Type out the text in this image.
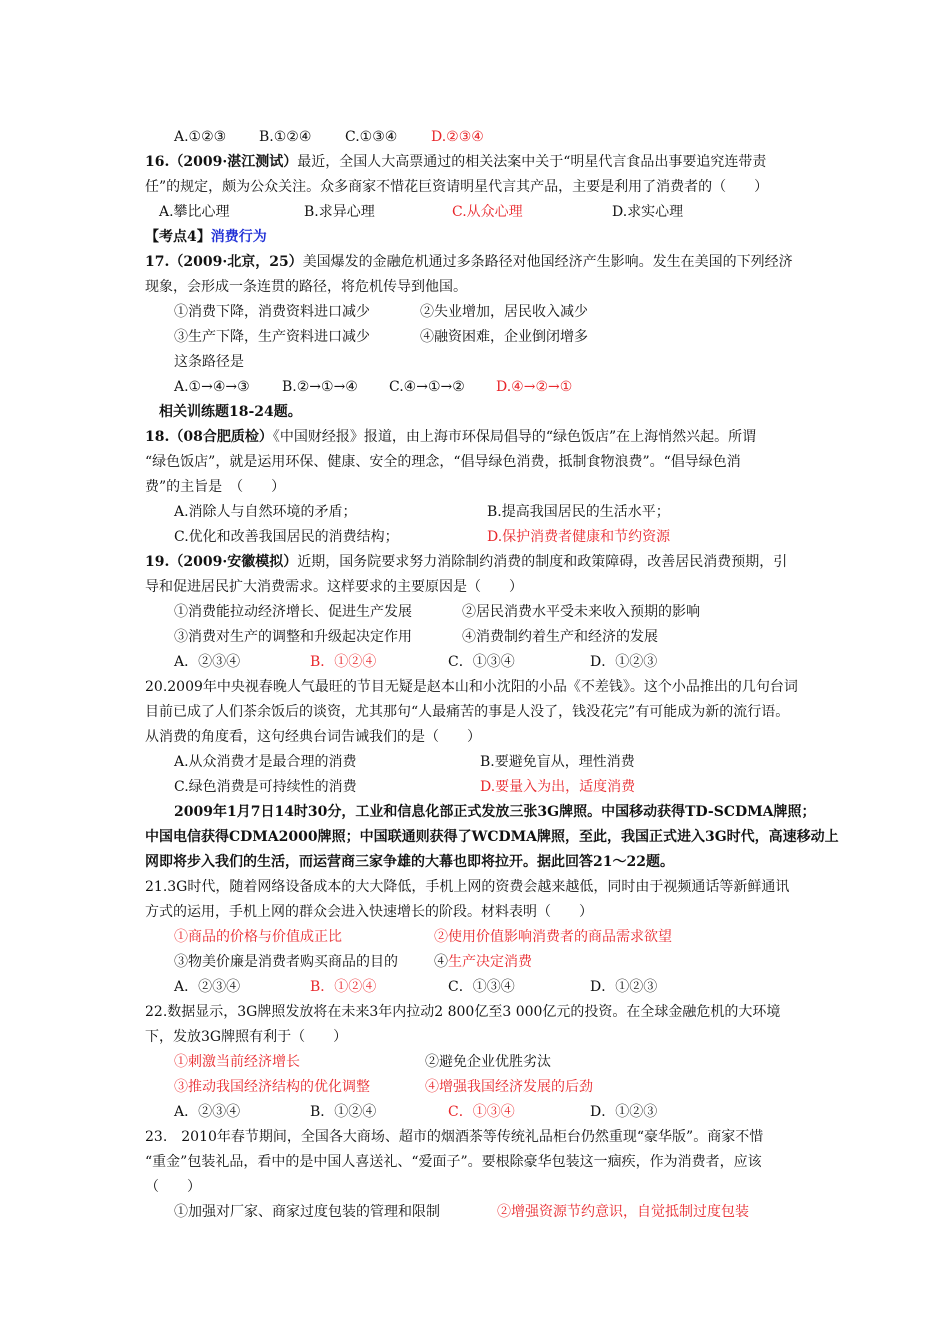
A.①②③ B.①②④ C.①③④ D.②③④
16.（2009·湛江测试）最近，全国人大高票通过的相关法案中关于“明星代言食品出事要追究连带责
任”的规定，颇为公众关注。众多商家不惜花巨资请明星代言其产品，主要是利用了消费者的（　　）
A.攀比心理	B.求异心理	C.从众心理	D.求实心理
【考点4】消费行为
17.（2009·北京，25）美国爆发的金融危机通过多条路径对他国经济产生影响。发生在美国的下列经济
现象，会形成一条连贯的路径，将危机传导到他国。
①消费下降，消费资料进口减少	②失业增加，居民收入减少
③生产下降，生产资料进口减少	④融资困难，企业倒闭增多
这条路径是
A.①→④→③ B.②→①→④ C.④→①→② D.④→②→①
相关训练题18-24题。
18.（08合肥质检）《中国财经报》报道，由上海市环保局倡导的“绿色饭店”在上海悄然兴起。所谓
“绿色饭店”，就是运用环保、健康、安全的理念，“倡导绿色消费，抵制食物浪费”。“倡导绿色消
费”的主旨是　（　　）
A.消除人与自然环境的矛盾；	B.提高我国居民的生活水平；
C.优化和改善我国居民的消费结构；	D.保护消费者健康和节约资源
19.（2009·安徽模拟）近期，国务院要求努力消除制约消费的制度和政策障碍，改善居民消费预期，引
导和促进居民扩大消费需求。这样要求的主要原因是（　　）
①消费能拉动经济增长、促进生产发展	②居民消费水平受未来收入预期的影响
③消费对生产的调整和升级起决定作用	④消费制约着生产和经济的发展
A．②③④	B．①②④	C．①③④	D．①②③
20.2009年中央视春晚人气最旺的节目无疑是赵本山和小沈阳的小品《不差钱》。这个小品推出的几句台词
目前已成了人们茶余饭后的谈资，尤其那句“人最痛苦的事是人没了，钱没花完”有可能成为新的流行语。
从消费的角度看，这句经典台词告诫我们的是（　　）
A.从众消费才是最合理的消费	B.要避免盲从，理性消费
C.绿色消费是可持续性的消费	D.要量入为出，适度消费
2009年1月7日14时30分，工业和信息化部正式发放三张3G牌照。中国移动获得TD-SCDMA牌照；
中国电信获得CDMA2000牌照；中国联通则获得了WCDMA牌照，至此，我国正式进入3G时代，高速移动上
网即将步入我们的生活，而运营商三家争雄的大幕也即将拉开。据此回答21～22题。
21.3G时代，随着网络设备成本的大大降低，手机上网的资费会越来越低，同时由于视频通话等新鲜通讯
方式的运用，手机上网的群众会进入快速增长的阶段。材料表明（　　）
①商品的价格与价值成正比	②使用价值影响消费者的商品需求欲望
③物美价廉是消费者购买商品的目的	④生产决定消费
A．②③④	B．①②④	C．①③④	D．①②③
22.数据显示，3G牌照发放将在未来3年内拉动2 800亿至3 000亿元的投资。在全球金融危机的大环境
下，发放3G牌照有利于（　　）
①刺激当前经济增长	②避免企业优胜劣汰
③推动我国经济结构的优化调整	④增强我国经济发展的后劲
A．②③④	B．①②④	C．①③④	D．①②③
23.　2010年春节期间，全国各大商场、超市的烟酒茶等传统礼品柜台仍然重现“豪华版”。商家不惜
“重金”包装礼品，看中的是中国人喜送礼、“爱面子”。要根除豪华包装这一痼疾，作为消费者，应该
（　　）
①加强对厂家、商家过度包装的管理和限制	②增强资源节约意识，自觉抵制过度包装
